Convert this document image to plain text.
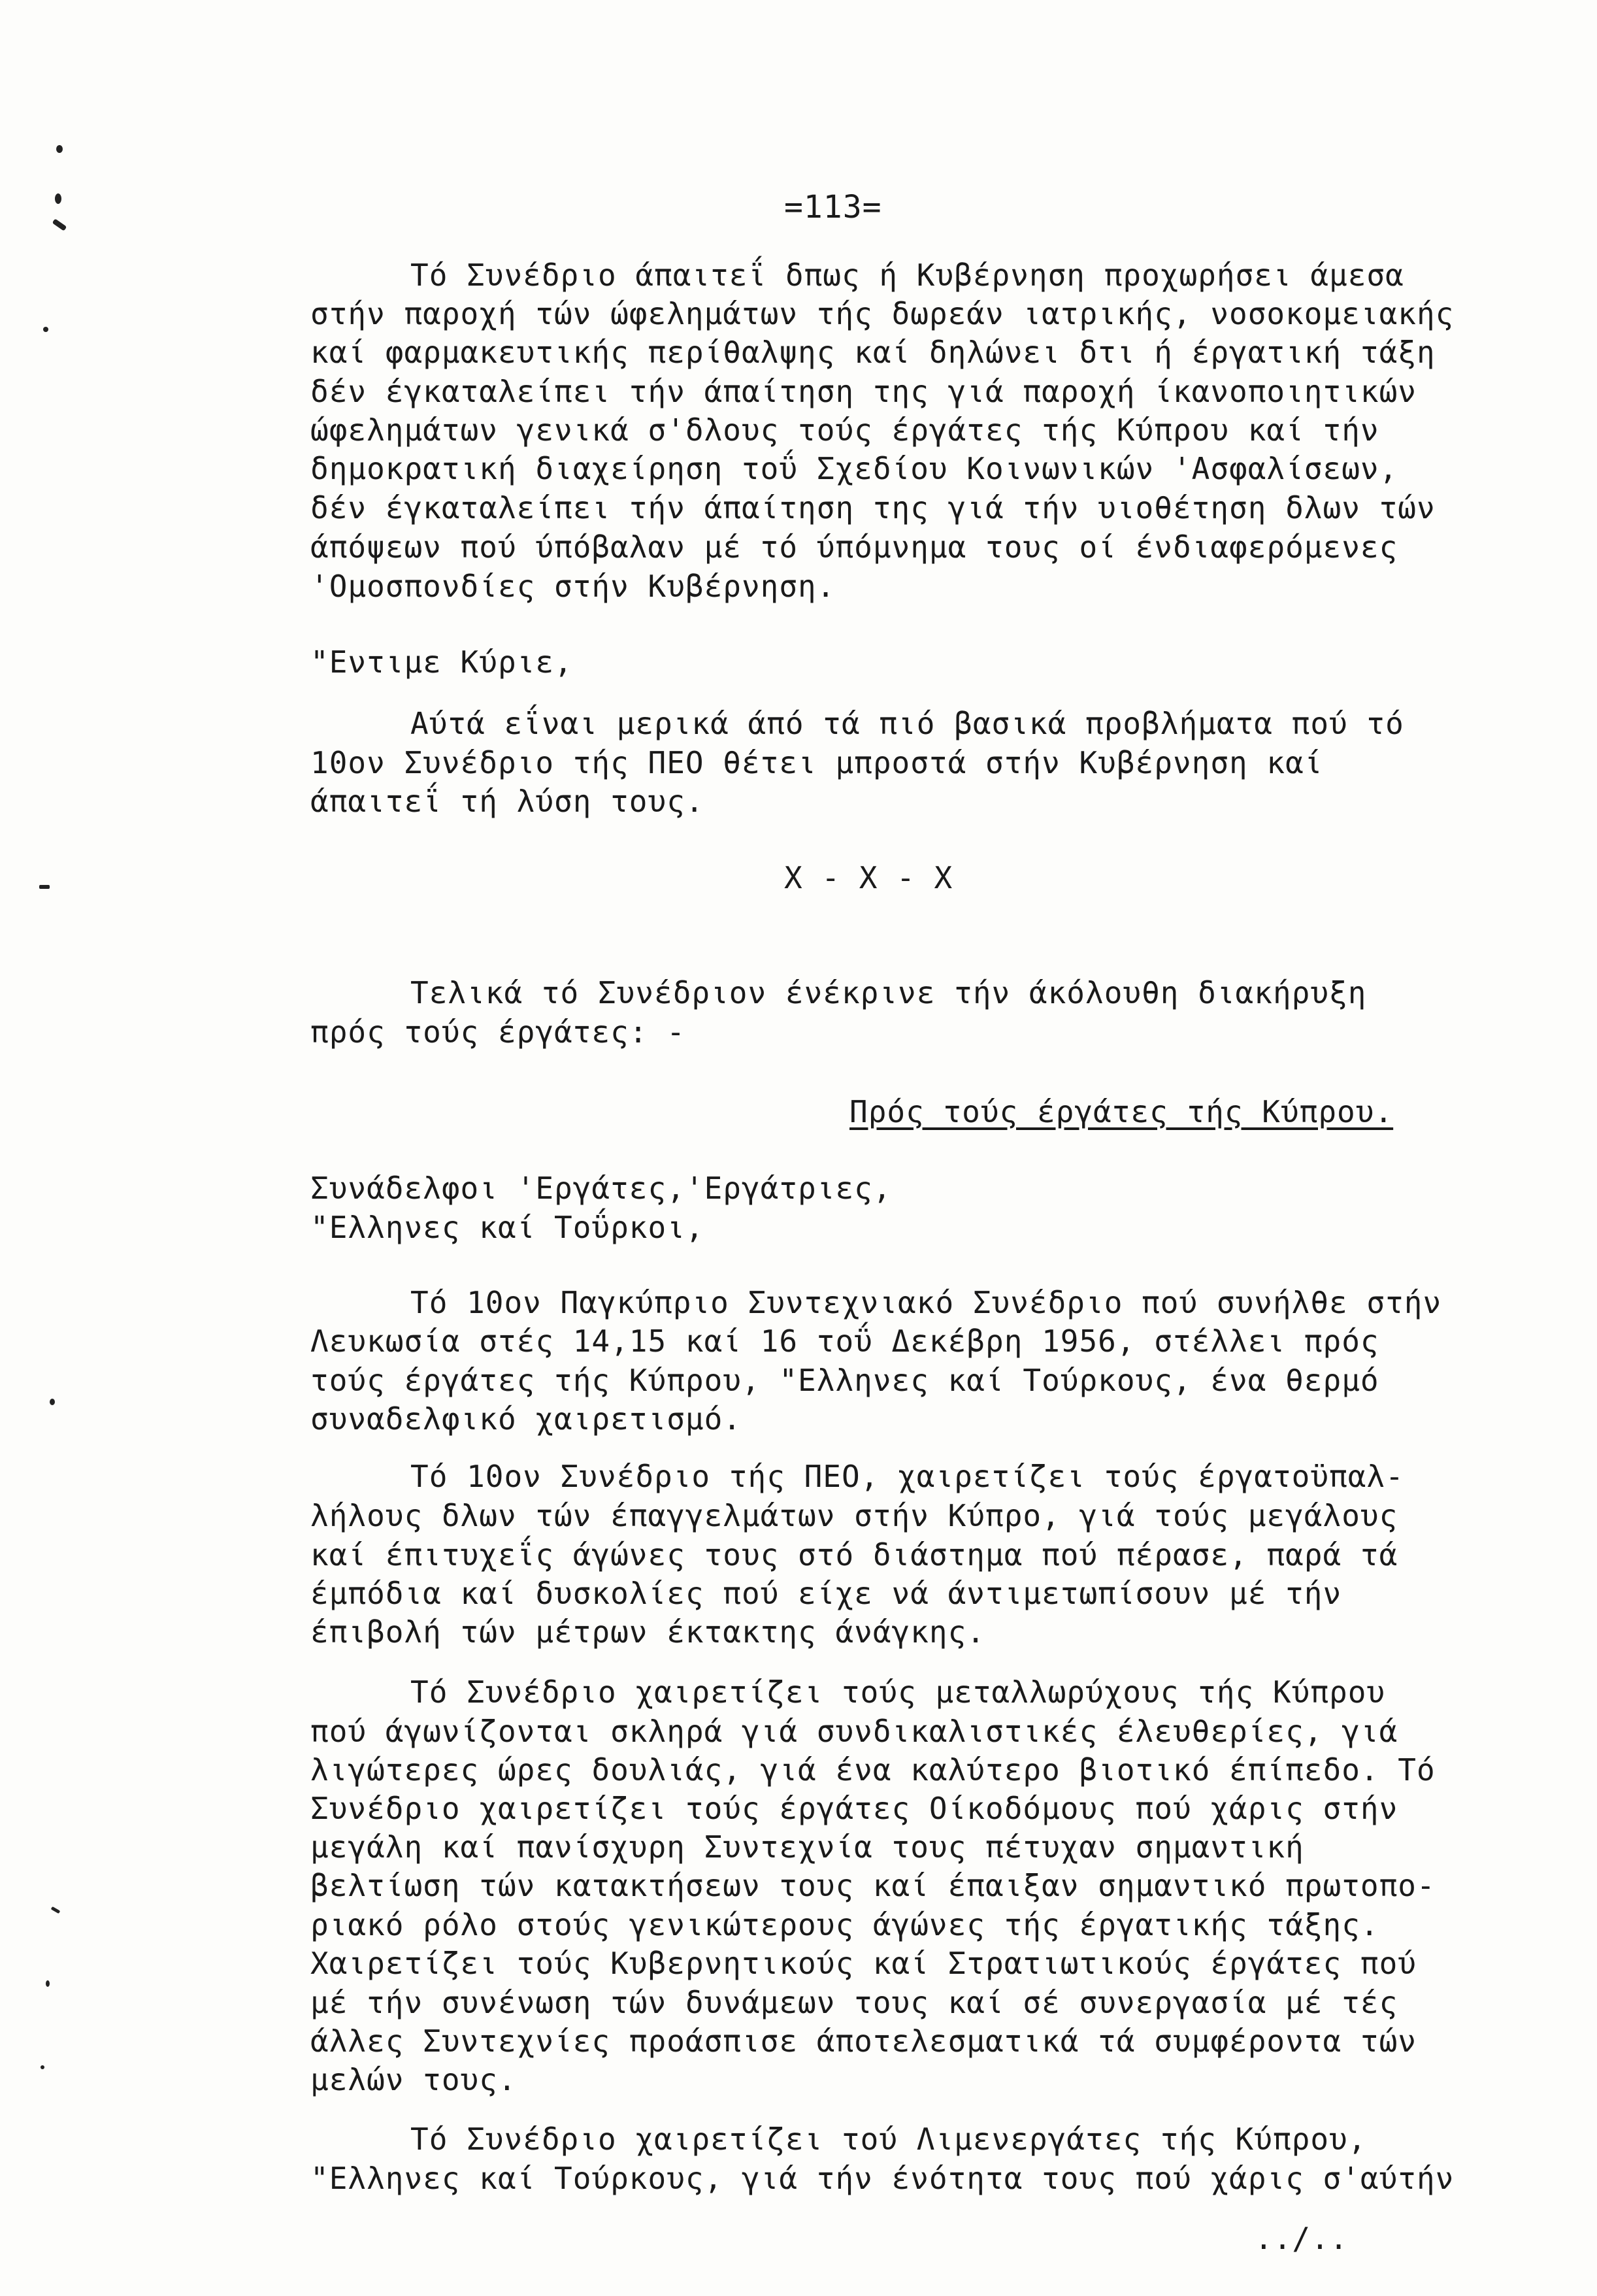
=113=
Τό Συνέδριο άπαιτεΐ δπως ή Κυβέρνηση προχωρήσει άμεσα
στήν παροχή τών ώφελημάτων τής δωρεάν ιατρικής, νοσοκομειακής
καί φαρμακευτικής περίθαλψης καί δηλώνει δτι ή έργατική τάξη
δέν έγκαταλείπει τήν άπαίτηση της γιά παροχή ίκανοποιητικών
ώφελημάτων γενικά σ'δλους τούς έργάτες τής Κύπρου καί τήν
δημοκρατική διαχείρηση τοΰ Σχεδίου Κοινωνικών 'Ασφαλίσεων,
δέν έγκαταλείπει τήν άπαίτηση της γιά τήν υιοθέτηση δλων τών
άπόψεων πού ύπόβαλαν μέ τό ύπόμνημα τους οί ένδιαφερόμενες
'Ομοσπονδίες στήν Κυβέρνηση.
"Εντιμε Κύριε,
Αύτά εΐναι μερικά άπό τά πιό βασικά προβλήματα πού τό
10ον Συνέδριο τής ΠΕΟ θέτει μπροστά στήν Κυβέρνηση καί
άπαιτεΐ τή λύση τους.
Χ - Χ - Χ
Τελικά τό Συνέδριον ένέκρινε τήν άκόλουθη διακήρυξη
πρός τούς έργάτες: -
Πρός τούς έργάτες τής Κύπρου.
Συνάδελφοι 'Εργάτες,'Εργάτριες,
"Ελληνες καί Τοΰρκοι,
Τό 10ον Παγκύπριο Συντεχνιακό Συνέδριο πού συνήλθε στήν
Λευκωσία στές 14,15 καί 16 τοΰ Δεκέβρη 1956, στέλλει πρός
τούς έργάτες τής Κύπρου, "Ελληνες καί Τούρκους, ένα θερμό
συναδελφικό χαιρετισμό.
Τό 10ον Συνέδριο τής ΠΕΟ, χαιρετίζει τούς έργατοϋπαλ-
λήλους δλων τών έπαγγελμάτων στήν Κύπρο, γιά τούς μεγάλους
καί έπιτυχεΐς άγώνες τους στό διάστημα πού πέρασε, παρά τά
έμπόδια καί δυσκολίες πού είχε νά άντιμετωπίσουν μέ τήν
έπιβολή τών μέτρων έκτακτης άνάγκης.
Τό Συνέδριο χαιρετίζει τούς μεταλλωρύχους τής Κύπρου
πού άγωνίζονται σκληρά γιά συνδικαλιστικές έλευθερίες, γιά
λιγώτερες ώρες δουλιάς, γιά ένα καλύτερο βιοτικό έπίπεδο. Τό
Συνέδριο χαιρετίζει τούς έργάτες Οίκοδόμους πού χάρις στήν
μεγάλη καί πανίσχυρη Συντεχνία τους πέτυχαν σημαντική
βελτίωση τών κατακτήσεων τους καί έπαιξαν σημαντικό πρωτοπο-
ριακό ρόλο στούς γενικώτερους άγώνες τής έργατικής τάξης.
Χαιρετίζει τούς Κυβερνητικούς καί Στρατιωτικούς έργάτες πού
μέ τήν συνένωση τών δυνάμεων τους καί σέ συνεργασία μέ τές
άλλες Συντεχνίες προάσπισε άποτελεσματικά τά συμφέροντα τών
μελών τους.
Τό Συνέδριο χαιρετίζει τού Λιμενεργάτες τής Κύπρου,
"Ελληνες καί Τούρκους, γιά τήν ένότητα τους πού χάρις σ'αύτήν
../..
